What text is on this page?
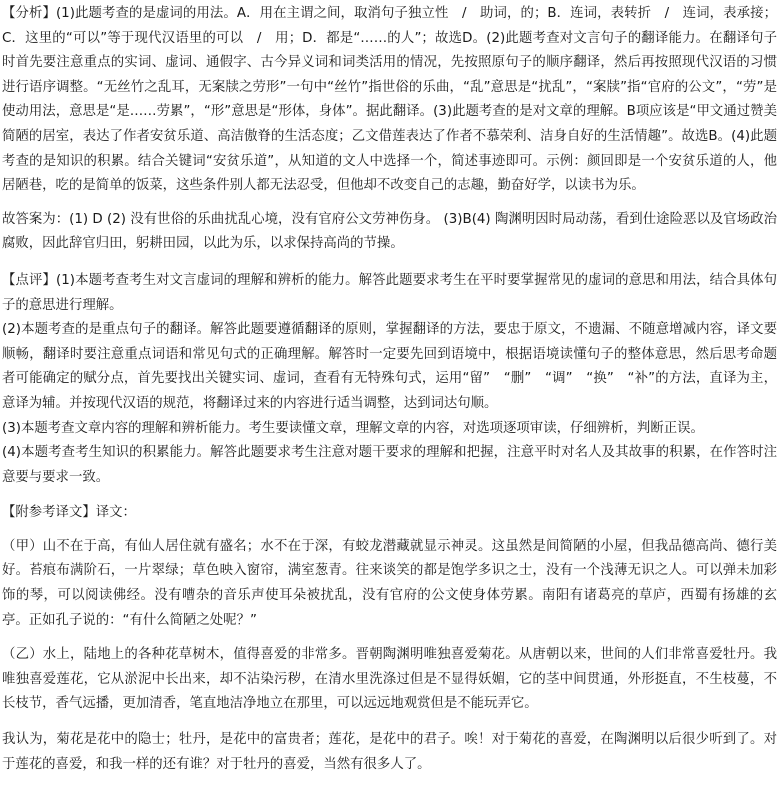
【分析】(1)此题考查的是虚词的用法。A．用在主谓之间，取消句子独立性　/　助词，的；B．连词，表转折　/　连词，表承接；C．这里的“可以”等于现代汉语里的可以　/　用；D．都是“……的人”；故选D。(2)此题考查对文言句子的翻译能力。在翻译句子时首先要注意重点的实词、虚词、通假字、古今异义词和词类活用的情况，先按照原句子的顺序翻译，然后再按照现代汉语的习惯进行语序调整。“无丝竹之乱耳，无案牍之劳形”一句中“丝竹”指世俗的乐曲，“乱”意思是“扰乱”，“案牍”指“官府的公文”，“劳”是使动用法，意思是“是……劳累”，“形”意思是“形体，身体”。据此翻译。(3)此题考查的是对文章的理解。B项应该是“甲文通过赞美简陋的居室，表达了作者安贫乐道、高洁傲脊的生活态度；乙文借莲表达了作者不慕荣利、洁身自好的生活情趣”。故选B。(4)此题考查的是知识的积累。结合关键词“安贫乐道”，从知道的文人中选择一个，简述事迹即可。示例：颜回即是一个安贫乐道的人，他居陋巷，吃的是简单的饭菜，这些条件别人都无法忍受，但他却不改变自己的志趣，勤奋好学，以读书为乐。

故答案为：(1) D (2) 没有世俗的乐曲扰乱心境，没有官府公文劳神伤身。 (3)B(4) 陶渊明因时局动荡，看到仕途险恶以及官场政治腐败，因此辞官归田，躬耕田园，以此为乐，以求保持高尚的节操。

【点评】(1)本题考查考生对文言虚词的理解和辨析的能力。解答此题要求考生在平时要掌握常见的虚词的意思和用法，结合具体句子的意思进行理解。

(2)本题考查的是重点句子的翻译。解答此题要遵循翻译的原则，掌握翻译的方法，要忠于原文，不遗漏、不随意增减内容，译文要顺畅，翻译时要注意重点词语和常见句式的正确理解。解答时一定要先回到语境中，根据语境读懂句子的整体意思，然后思考命题者可能确定的赋分点，首先要找出关键实词、虚词，查看有无特殊句式，运用“留”　“删”　“调”　“换”　“补”的方法，直译为主，意译为辅。并按现代汉语的规范，将翻译过来的内容进行适当调整，达到词达句顺。

(3)本题考查文章内容的理解和辨析能力。考生要读懂文章，理解文章的内容，对选项逐项审读，仔细辨析，判断正误。

(4)本题考查考生知识的积累能力。解答此题要求考生注意对题干要求的理解和把握，注意平时对名人及其故事的积累，在作答时注意要与要求一致。

【附参考译文】译文：

（甲）山不在于高，有仙人居住就有盛名；水不在于深，有蛟龙潜藏就显示神灵。这虽然是间简陋的小屋，但我品德高尚、德行美好。苔痕布满阶石，一片翠绿；草色映入窗帘，满室葱青。往来谈笑的都是饱学多识之士，没有一个浅薄无识之人。可以弹未加彩饰的琴，可以阅读佛经。没有嘈杂的音乐声使耳朵被扰乱，没有官府的公文使身体劳累。南阳有诸葛亮的草庐，西蜀有扬雄的玄亭。正如孔子说的：“有什么简陋之处呢？”

（乙）水上，陆地上的各种花草树木，值得喜爱的非常多。晋朝陶渊明唯独喜爱菊花。从唐朝以来，世间的人们非常喜爱牡丹。我唯独喜爱莲花，它从淤泥中长出来，却不沾染污秽，在清水里洗涤过但是不显得妖媚，它的茎中间贯通，外形挺直，不生枝蔓，不长枝节，香气远播，更加清香，笔直地洁净地立在那里，可以远远地观赏但是不能玩弄它。

我认为，菊花是花中的隐士；牡丹，是花中的富贵者；莲花，是花中的君子。唉！对于菊花的喜爱，在陶渊明以后很少听到了。对于莲花的喜爱，和我一样的还有谁？对于牡丹的喜爱，当然有很多人了。
